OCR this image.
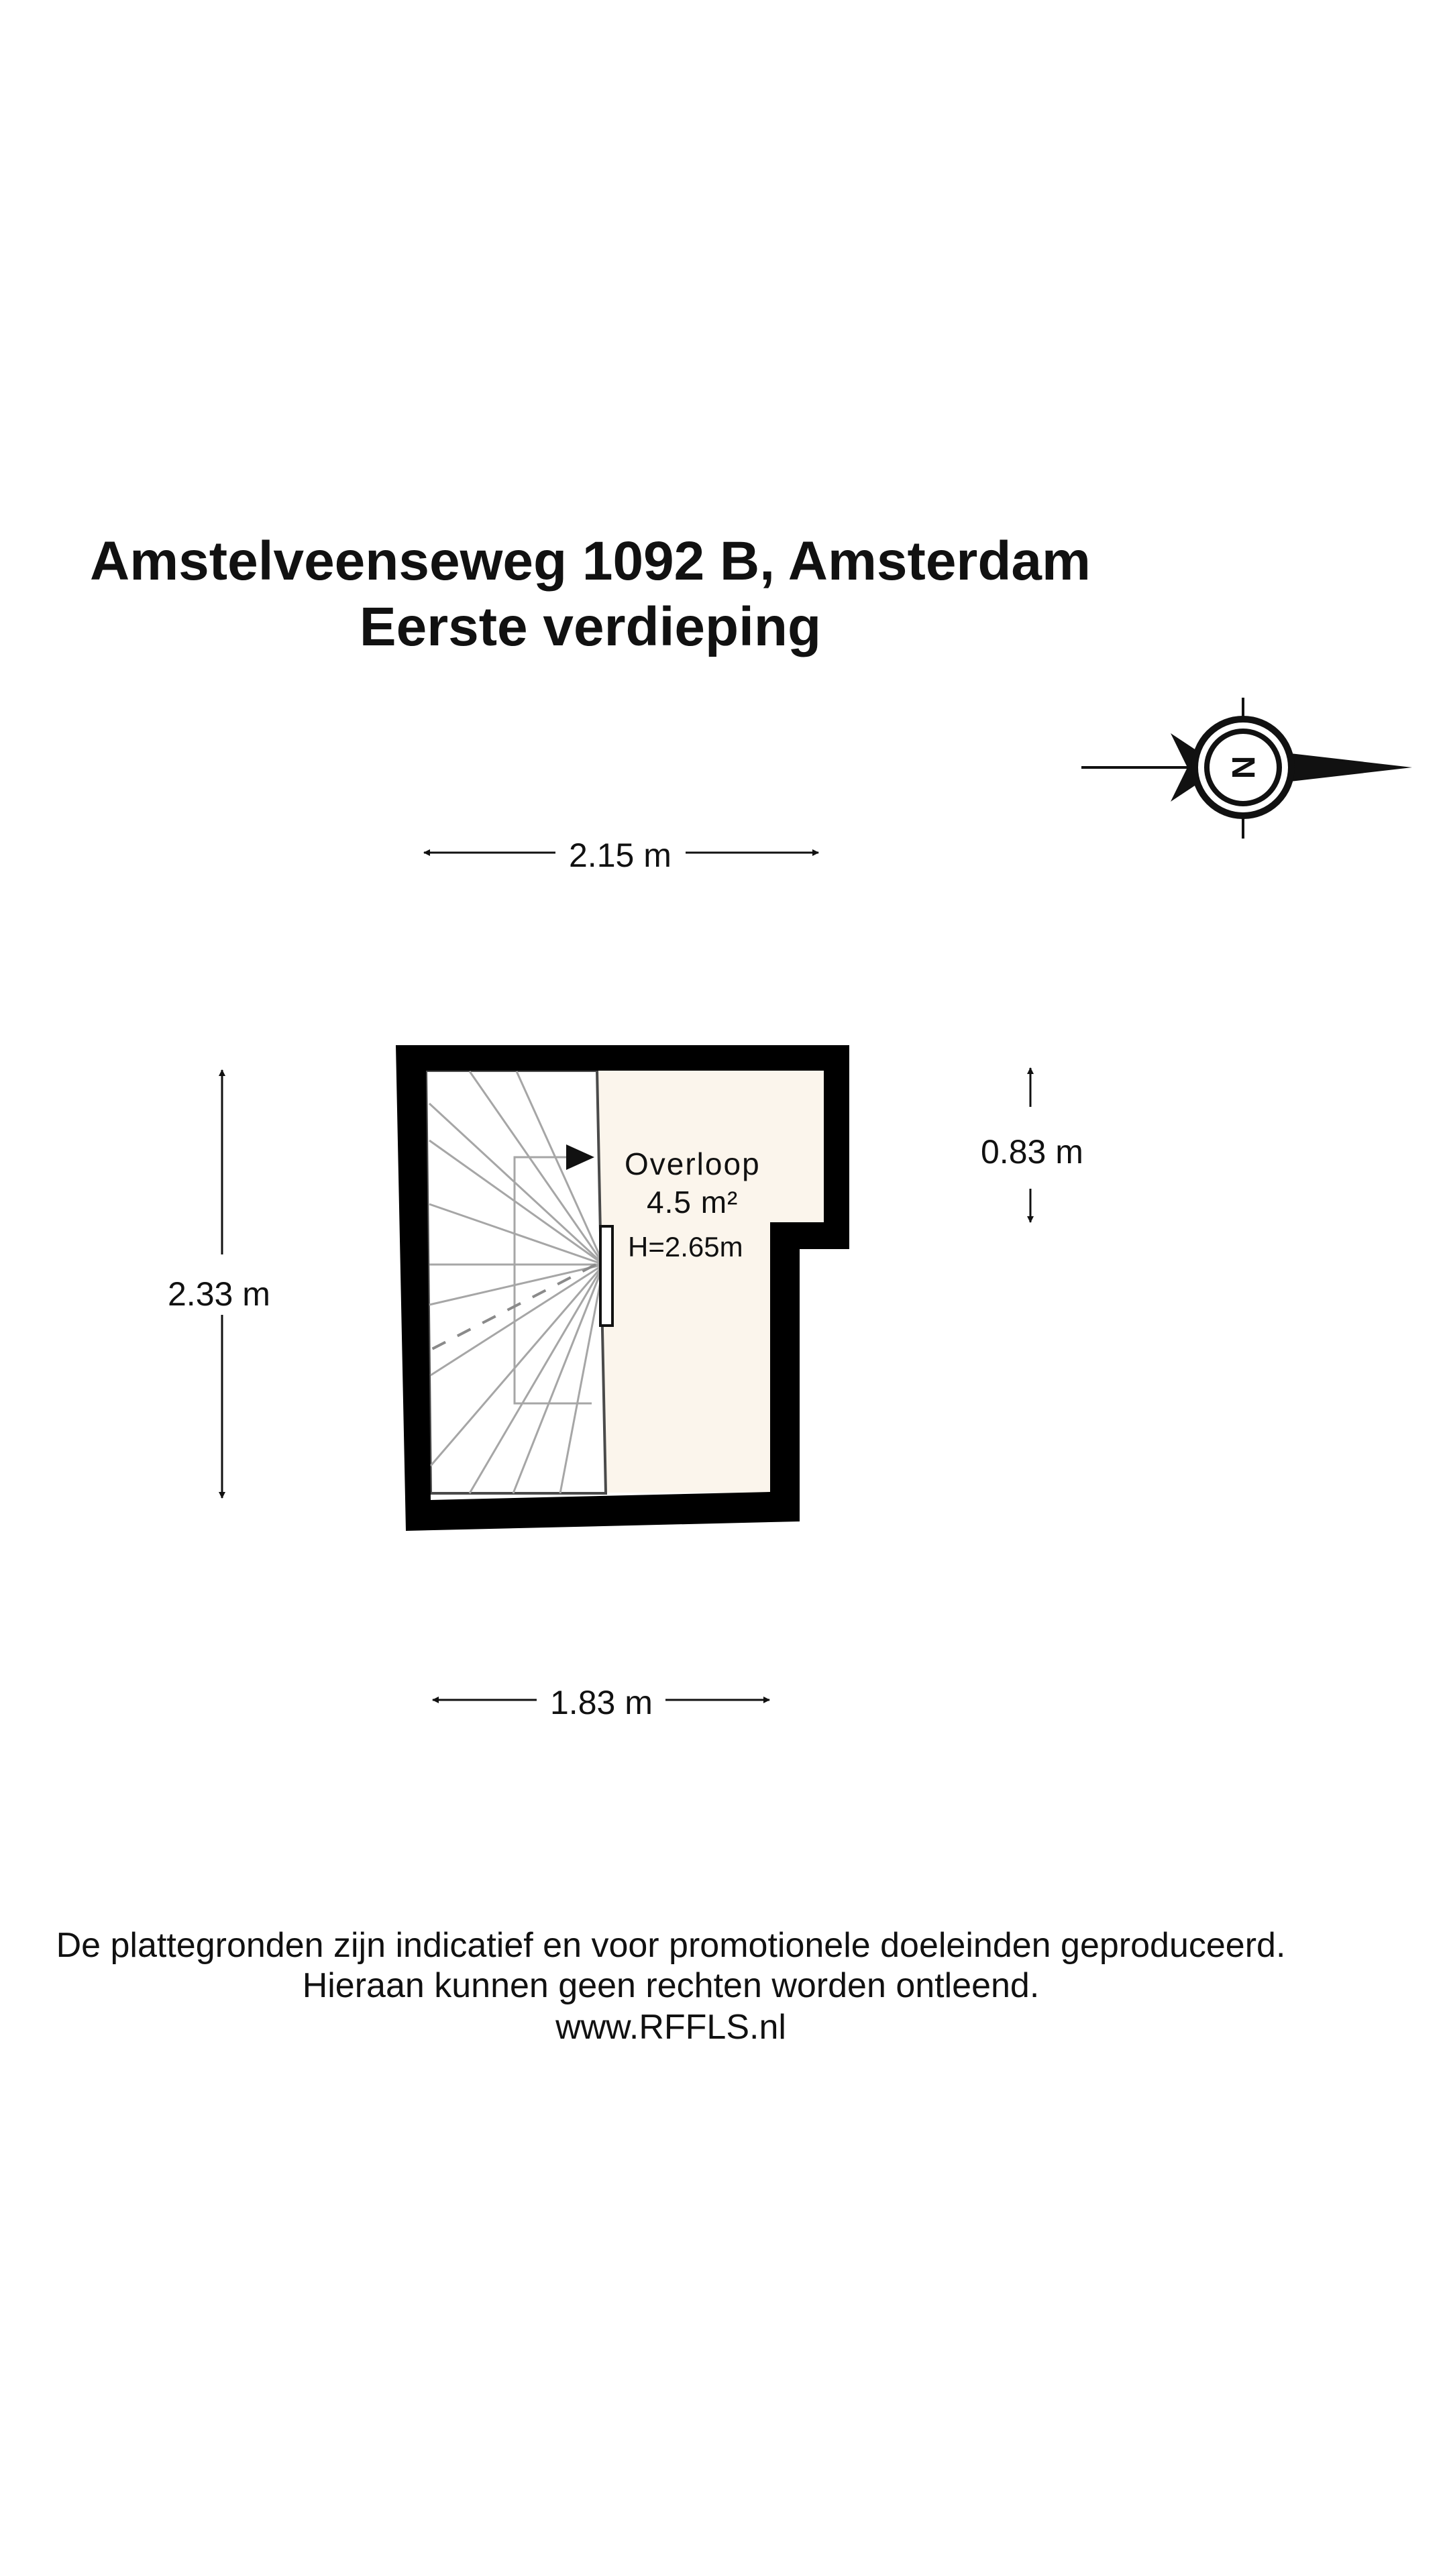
Amstelveenseweg 1092 B, Amsterdam
Eerste verdieping
N
Overloop
4.5 m²
H=2.65m
2.15 m
1.83 m
2.33 m
0.83 m
De plattegronden zijn indicatief en voor promotionele doeleinden geproduceerd.
Hieraan kunnen geen rechten worden ontleend.
www.RFFLS.nl
